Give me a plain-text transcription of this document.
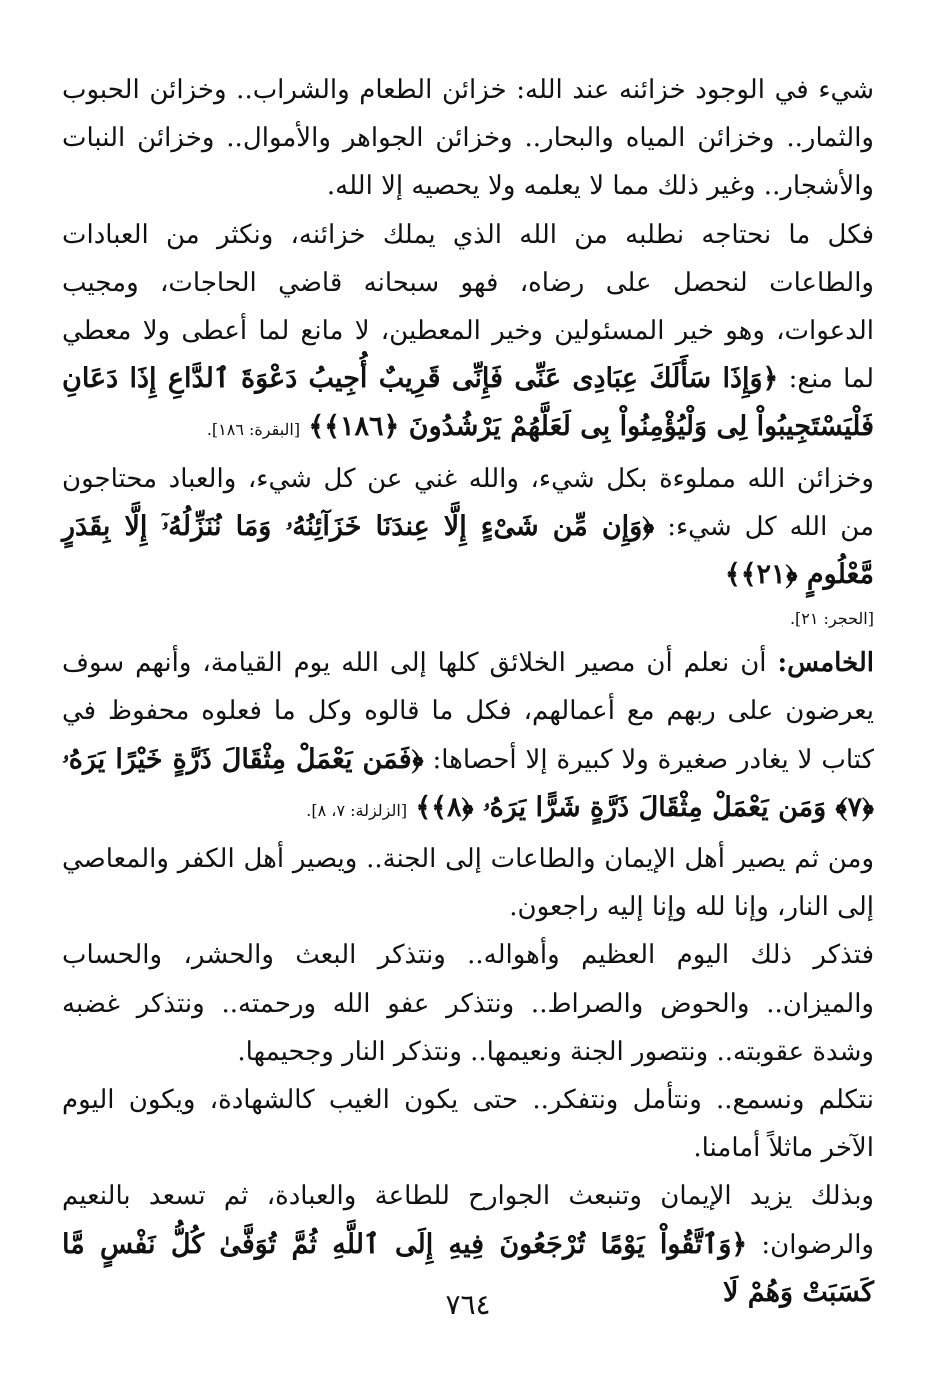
شيء في الوجود خزائنه عند الله: خزائن الطعام والشراب.. وخزائن الحبوب والثمار.. وخزائن المياه والبحار.. وخزائن الجواهر والأموال.. وخزائن النبات والأشجار.. وغير ذلك مما لا يعلمه ولا يحصيه إلا الله.

فكل ما نحتاجه نطلبه من الله الذي يملك خزائنه، ونكثر من العبادات والطاعات لنحصل على رضاه، فهو سبحانه قاضي الحاجات، ومجيب الدعوات، وهو خير المسئولين وخير المعطين، لا مانع لما أعطى ولا معطي لما منع: ﴿وَإِذَا سَأَلَكَ عِبَادِى عَنِّى فَإِنِّى قَرِيبٌ أُجِيبُ دَعْوَةَ ٱلدَّاعِ إِذَا دَعَانِ فَلْيَسْتَجِيبُواْ لِى وَلْيُؤْمِنُواْ بِى لَعَلَّهُمْ يَرْشُدُونَ ﴿١٨٦﴾﴾ [البقرة: ١٨٦].

وخزائن الله مملوءة بكل شيء، والله غني عن كل شيء، والعباد محتاجون من الله كل شيء: ﴿وَإِن مِّن شَىْءٍ إِلَّا عِندَنَا خَزَآئِنُهُۥ وَمَا نُنَزِّلُهُۥٓ إِلَّا بِقَدَرٍ مَّعْلُومٍ ﴿٢١﴾﴾

[الحجر: ٢١].

الخامس: أن نعلم أن مصير الخلائق كلها إلى الله يوم القيامة، وأنهم سوف يعرضون على ربهم مع أعمالهم، فكل ما قالوه وكل ما فعلوه محفوظ في كتاب لا يغادر صغيرة ولا كبيرة إلا أحصاها: ﴿فَمَن يَعْمَلْ مِثْقَالَ ذَرَّةٍ خَيْرًا يَرَهُۥ ﴿٧﴾ وَمَن يَعْمَلْ مِثْقَالَ ذَرَّةٍ شَرًّا يَرَهُۥ ﴿٨﴾﴾ [الزلزلة: ٧، ٨].

ومن ثم يصير أهل الإيمان والطاعات إلى الجنة.. ويصير أهل الكفر والمعاصي إلى النار، وإنا لله وإنا إليه راجعون.

فتذكر ذلك اليوم العظيم وأهواله.. ونتذكر البعث والحشر، والحساب والميزان.. والحوض والصراط.. ونتذكر عفو الله ورحمته.. ونتذكر غضبه وشدة عقوبته.. ونتصور الجنة ونعيمها.. ونتذكر النار وجحيمها.

نتكلم ونسمع.. ونتأمل ونتفكر.. حتى يكون الغيب كالشهادة، ويكون اليوم الآخر ماثلاً أمامنا.

وبذلك يزيد الإيمان وتنبعث الجوارح للطاعة والعبادة، ثم تسعد بالنعيم والرضوان: ﴿وَٱتَّقُواْ يَوْمًا تُرْجَعُونَ فِيهِ إِلَى ٱللَّهِ ثُمَّ تُوَفَّىٰ كُلُّ نَفْسٍ مَّا كَسَبَتْ وَهُمْ لَا

٧٦٤
